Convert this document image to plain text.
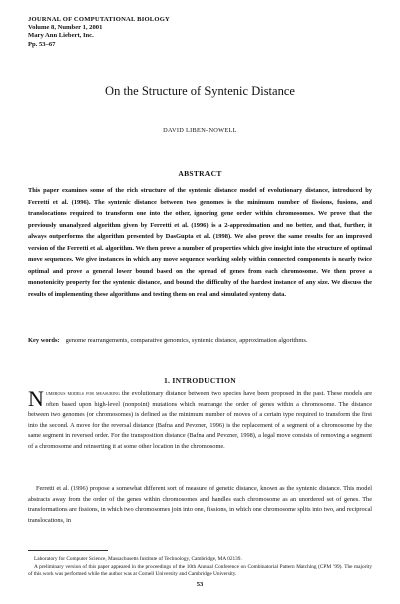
JOURNAL OF COMPUTATIONAL BIOLOGY
Volume 8, Number 1, 2001
Mary Ann Liebert, Inc.
Pp. 53–67
On the Structure of Syntenic Distance
DAVID LIBEN-NOWELL
ABSTRACT

This paper examines some of the rich structure of the syntenic distance model of evolutionary distance, introduced by Ferretti et al. (1996). The syntenic distance between two genomes is the minimum number of fissions, fusions, and translocations required to transform one into the other, ignoring gene order within chromosomes. We prove that the previously unanalyzed algorithm given by Ferretti et al. (1996) is a 2-approximation and no better, and that, further, it always outperforms the algorithm presented by DasGupta et al. (1998). We also prove the same results for an improved version of the Ferretti et al. algorithm. We then prove a number of properties which give insight into the structure of optimal move sequences. We give instances in which any move sequence working solely within connected components is nearly twice optimal and prove a general lower bound based on the spread of genes from each chromosome. We then prove a monotonicity property for the syntenic distance, and bound the difficulty of the hardest instance of any size. We discuss the results of implementing these algorithms and testing them on real and simulated synteny data.

Key words: genome rearrangements, comparative genomics, syntenic distance, approximation algorithms.

1. INTRODUCTION

Numerous models for measuring the evolutionary distance between two species have been proposed in the past. These models are often based upon high-level (nonpoint) mutations which rearrange the order of genes within a chromosome. The distance between two genomes (or chromosomes) is defined as the minimum number of moves of a certain type required to transform the first into the second. A move for the reversal distance (Bafna and Pevzner, 1996) is the replacement of a segment of a chromosome by the same segment in reversed order. For the transposition distance (Bafna and Pevzner, 1998), a legal move consists of removing a segment of a chromosome and reinserting it at some other location in the chromosome.

Ferretti et al. (1996) propose a somewhat different sort of measure of genetic distance, known as the syntenic distance. This model abstracts away from the order of the genes within chromosomes and handles each chromosome as an unordered set of genes. The transformations are fissions, in which two chromosomes join into one, fissions, in which one chromosome splits into two, and reciprocal translocations, in

Laboratory for Computer Science, Massachusetts Institute of Technology, Cambridge, MA 02139.

A preliminary version of this paper appeared in the proceedings of the 10th Annual Conference on Combinatorial Pattern Matching (CPM ’99). The majority of this work was performed while the author was at Cornell University and Cambridge University.

53
